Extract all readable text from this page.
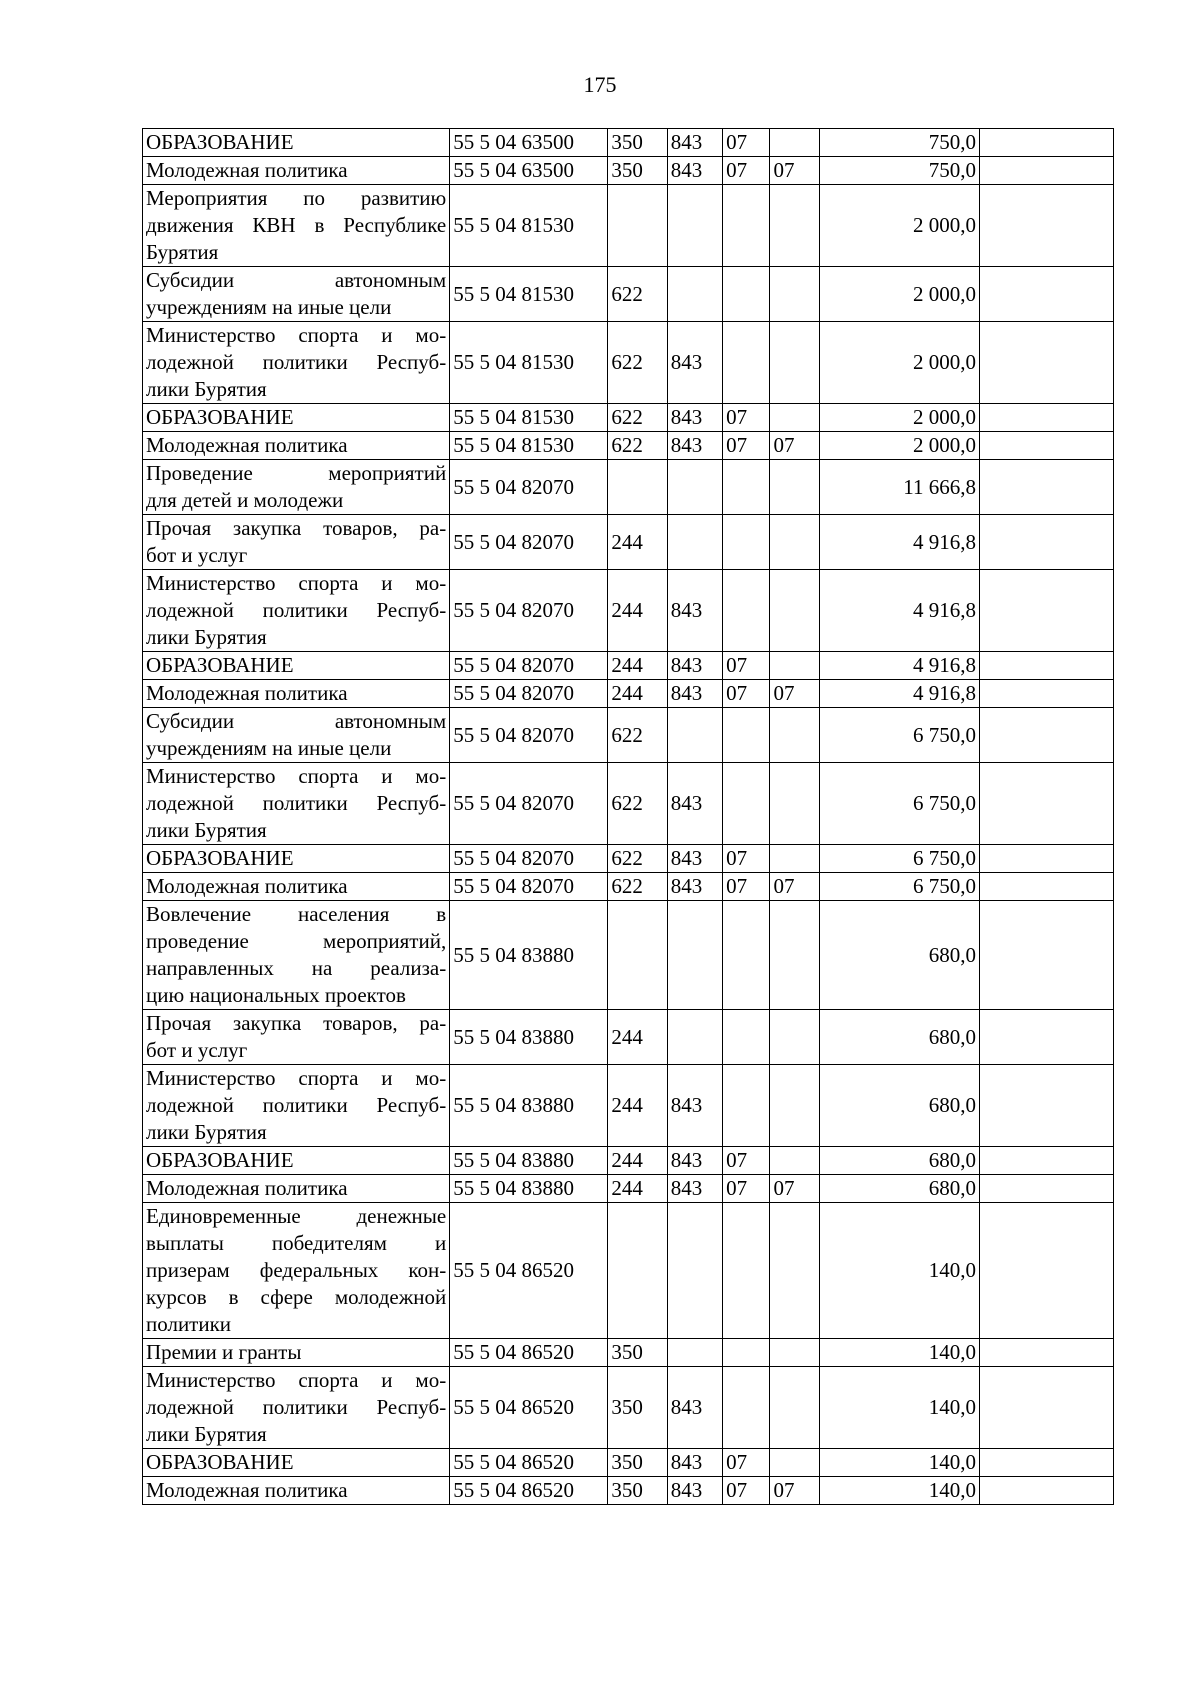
175
ОБРАЗОВАНИЕ	55 5 04 63500	350	843	07		750,0	

Молодежная политика	55 5 04 63500	350	843	07	07	750,0	

Мероприятия по развитию
движения КВН в Республике
Бурятия	55 5 04 81530					2 000,0	

Субсидии автономным
учреждениям на иные цели	55 5 04 81530	622				2 000,0	

Министерство спорта и мо-
лодежной политики Респуб-
лики Бурятия	55 5 04 81530	622	843			2 000,0	

ОБРАЗОВАНИЕ	55 5 04 81530	622	843	07		2 000,0	

Молодежная политика	55 5 04 81530	622	843	07	07	2 000,0	

Проведение мероприятий
для детей и молодежи	55 5 04 82070					11 666,8	

Прочая закупка товаров, ра-
бот и услуг	55 5 04 82070	244				4 916,8	

Министерство спорта и мо-
лодежной политики Респуб-
лики Бурятия	55 5 04 82070	244	843			4 916,8	

ОБРАЗОВАНИЕ	55 5 04 82070	244	843	07		4 916,8	

Молодежная политика	55 5 04 82070	244	843	07	07	4 916,8	

Субсидии автономным
учреждениям на иные цели	55 5 04 82070	622				6 750,0	

Министерство спорта и мо-
лодежной политики Респуб-
лики Бурятия	55 5 04 82070	622	843			6 750,0	

ОБРАЗОВАНИЕ	55 5 04 82070	622	843	07		6 750,0	

Молодежная политика	55 5 04 82070	622	843	07	07	6 750,0	

Вовлечение населения в
проведение мероприятий,
направленных на реализа-
цию национальных проектов	55 5 04 83880					680,0	

Прочая закупка товаров, ра-
бот и услуг	55 5 04 83880	244				680,0	

Министерство спорта и мо-
лодежной политики Респуб-
лики Бурятия	55 5 04 83880	244	843			680,0	

ОБРАЗОВАНИЕ	55 5 04 83880	244	843	07		680,0	

Молодежная политика	55 5 04 83880	244	843	07	07	680,0	

Единовременные денежные
выплаты победителям и
призерам федеральных кон-
курсов в сфере молодежной
политики	55 5 04 86520					140,0	

Премии и гранты	55 5 04 86520	350				140,0	

Министерство спорта и мо-
лодежной политики Респуб-
лики Бурятия	55 5 04 86520	350	843			140,0	

ОБРАЗОВАНИЕ	55 5 04 86520	350	843	07		140,0	

Молодежная политика	55 5 04 86520	350	843	07	07	140,0	
